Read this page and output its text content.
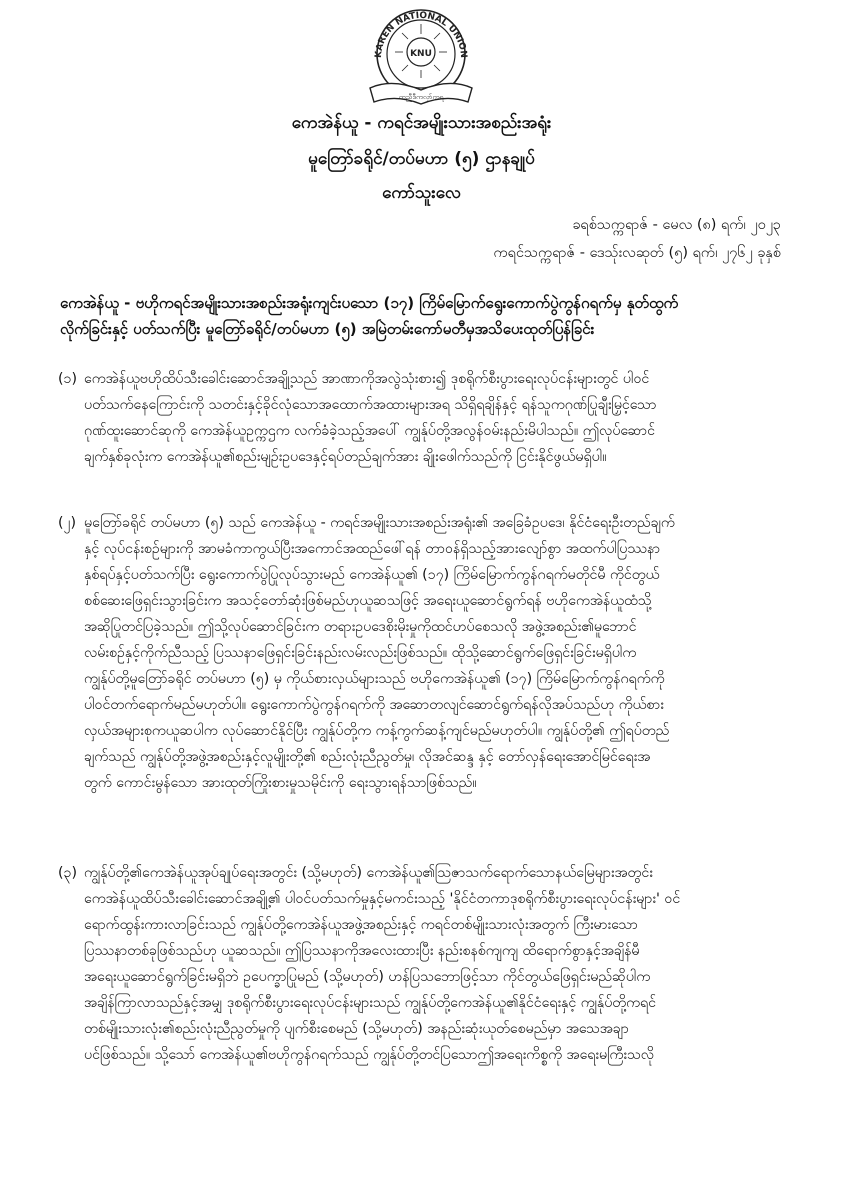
KAREN NATIONAL UNION
KNU
ကညီဒီကလုာ်ကရ
ကေအဲန်ယူ - ကရင်အမျိုးသားအစည်းအရုံး
မူတြော်ခရိုင်/တပ်မဟာ (၅) ဌာနချုပ်
ကော်သူးလေ
ခရစ်သက္ကရာဇ် - မေလ (၈) ရက်၊ ၂၀၂၃
ကရင်သက္ကရာဇ် - ဒေသ်ုးလဆုတ် (၅) ရက်၊ ၂၇၆၂ ခုနှစ်

ကေအဲန်ယူ - ဗဟိုကရင်အမျိုးသားအစည်းအရုံးကျင်းပသော (၁၇) ကြိမ်မြောက်ရွေးကောက်ပွဲကွန်ဂရက်မှ နုတ်ထွက်

လိုက်ခြင်းနှင့် ပတ်သက်ပြီး မူတြော်ခရိုင်/တပ်မဟာ (၅) အမြဲတမ်းကော်မတီမှအသိပေးထုတ်ပြန်ခြင်း

(၁) ကေအဲန်ယူဗဟိုထိပ်သီးခေါင်းဆောင်အချို့သည် အာဏာကိုအလွဲသုံးစား၍ ဒုစရိုက်စီးပွားရေးလုပ်ငန်းများတွင် ပါဝင်
ပတ်သက်နေကြောင်းကို သတင်းနှင့်ခိုင်လုံသောအထောက်အထားများအရ သိရှိရချိန်နှင့် ရန်သူကဂုဏ်ပြုချီးမြှင့်သော
ဂုဏ်ထူးဆောင်ဆုကို ကေအဲန်ယူဥက္ကဌက လက်ခံခဲ့သည့်အပေါ် ကျွန်ုပ်တို့အလွန်ဝမ်းနည်းမိပါသည်။ ဤလုပ်ဆောင်
ချက်နှစ်ခုလုံးက ကေအဲန်ယူ၏စည်းမျဉ်းဥပဒေနှင့်ရပ်တည်ချက်အား ချိုးဖေါက်သည်ကို ငြင်းနိုင်ဖွယ်မရှိပါ။
(၂) မူတြော်ခရိုင် တပ်မဟာ (၅) သည် ကေအဲန်ယူ - ကရင်အမျိုးသားအစည်းအရုံး၏ အခြေခံဥပဒေ၊ နိုင်ငံရေးဦးတည်ချက်
နှင့် လုပ်ငန်းစဉ်များကို အာမခံကာကွယ်ပြီးအကောင်အထည်ဖေါ်ရန် တာဝန်ရှိသည့်အားလျော်စွာ အထက်ပါပြဿနာ
နှစ်ရပ်နှင့်ပတ်သက်ပြီး ရွေးကောက်ပွဲပြုလုပ်သွားမည် ကေအဲန်ယူ၏ (၁၇) ကြိမ်မြောက်ကွန်ဂရက်မတိုင်မီ ကိုင်တွယ်
စစ်ဆေးဖြေရှင်းသွားခြင်းက အသင့်တော်ဆုံးဖြစ်မည်ဟုယူဆသဖြင့် အရေးယူဆောင်ရွက်ရန် ဗဟိုကေအဲန်ယူထံသို့
အဆိုပြုတင်ပြခဲ့သည်။ ဤသို့လုပ်ဆောင်ခြင်းက တရားဥပဒေစိုးမိုးမှုကိုထင်ဟပ်စေသလို အဖွဲ့အစည်း၏မူဘောင်
လမ်းစဉ်နှင့်ကိုက်ညီသည့် ပြဿနာဖြေရှင်းခြင်းနည်းလမ်းလည်းဖြစ်သည်။ ထိုသို့ဆောင်ရွက်ဖြေရှင်းခြင်းမရှိပါက
ကျွန်ုပ်တို့မူတြော်ခရိုင် တပ်မဟာ (၅) မှ ကိုယ်စားလှယ်များသည် ဗဟိုကေအဲန်ယူ၏ (၁၇) ကြိမ်မြောက်ကွန်ဂရက်ကို
ပါဝင်တက်ရောက်မည်မဟုတ်ပါ။ ရွေးကောက်ပွဲကွန်ဂရက်ကို အဆောတလျင်ဆောင်ရွက်ရန်လိုအပ်သည်ဟု ကိုယ်စား
လှယ်အများစုကယူဆပါက လုပ်ဆောင်နိုင်ပြီး ကျွန်ုပ်တို့က ကန့်ကွက်ဆန့်ကျင်မည်မဟုတ်ပါ။ ကျွန်ုပ်တို့၏ ဤရပ်တည်
ချက်သည် ကျွန်ုပ်တို့အဖွဲ့အစည်းနှင့်လူမျိုးတို့၏ စည်းလုံးညီညွတ်မှု၊ လိုအင်ဆန္ဒ နှင့် တော်လှန်ရေးအောင်မြင်ရေးအ
တွက် ကောင်းမွန်သော အားထုတ်ကြိုးစားမှုသမိုင်းကို ရေးသွားရန်သာဖြစ်သည်။
(၃) ကျွန်ုပ်တို့၏ကေအဲန်ယူအုပ်ချုပ်ရေးအတွင်း (သို့မဟုတ်) ကေအဲန်ယူ၏ဩဇာသက်ရောက်သောနယ်မြေများအတွင်း
ကေအဲန်ယူထိပ်သီးခေါင်းဆောင်အချို့၏ ပါဝင်ပတ်သက်မှုနှင့်မကင်းသည့် 'နိုင်ငံတကာဒုစရိုက်စီးပွားရေးလုပ်ငန်းများ' ဝင်
ရောက်ထွန်းကားလာခြင်းသည် ကျွန်ုပ်တို့ကေအဲန်ယူအဖွဲ့အစည်းနှင့် ကရင်တစ်မျိုးသားလုံးအတွက် ကြီးမားသော
ပြဿနာတစ်ခုဖြစ်သည်ဟု ယူဆသည်။ ဤပြဿနာကိုအလေးထားပြီး နည်းစနစ်ကျကျ ထိရောက်စွာနှင့်အချိန်မီ
အရေးယူဆောင်ရွက်ခြင်းမရှိဘဲ ဥပေက္ခာပြုမည် (သို့မဟုတ်) ဟန်ပြသဘောဖြင့်သာ ကိုင်တွယ်ဖြေရှင်းမည်ဆိုပါက
အချိန်ကြာလာသည်နှင့်အမျှ ဒုစရိုက်စီးပွားရေးလုပ်ငန်းများသည် ကျွန်ုပ်တို့ကေအဲန်ယူ၏နိုင်ငံရေးနှင့် ကျွန်ုပ်တို့ကရင်
တစ်မျိုးသားလုံး၏စည်းလုံးညီညွတ်မှုကို ပျက်စီးစေမည် (သို့မဟုတ်) အနည်းဆုံးယုတ်စေမည်မှာ အသေအချာ
ပင်ဖြစ်သည်။ သို့သော် ကေအဲန်ယူ၏ဗဟိုကွန်ဂရက်သည် ကျွန်ုပ်တို့တင်ပြသောဤအရေးကိစ္စကို အရေးမကြီးသလို
